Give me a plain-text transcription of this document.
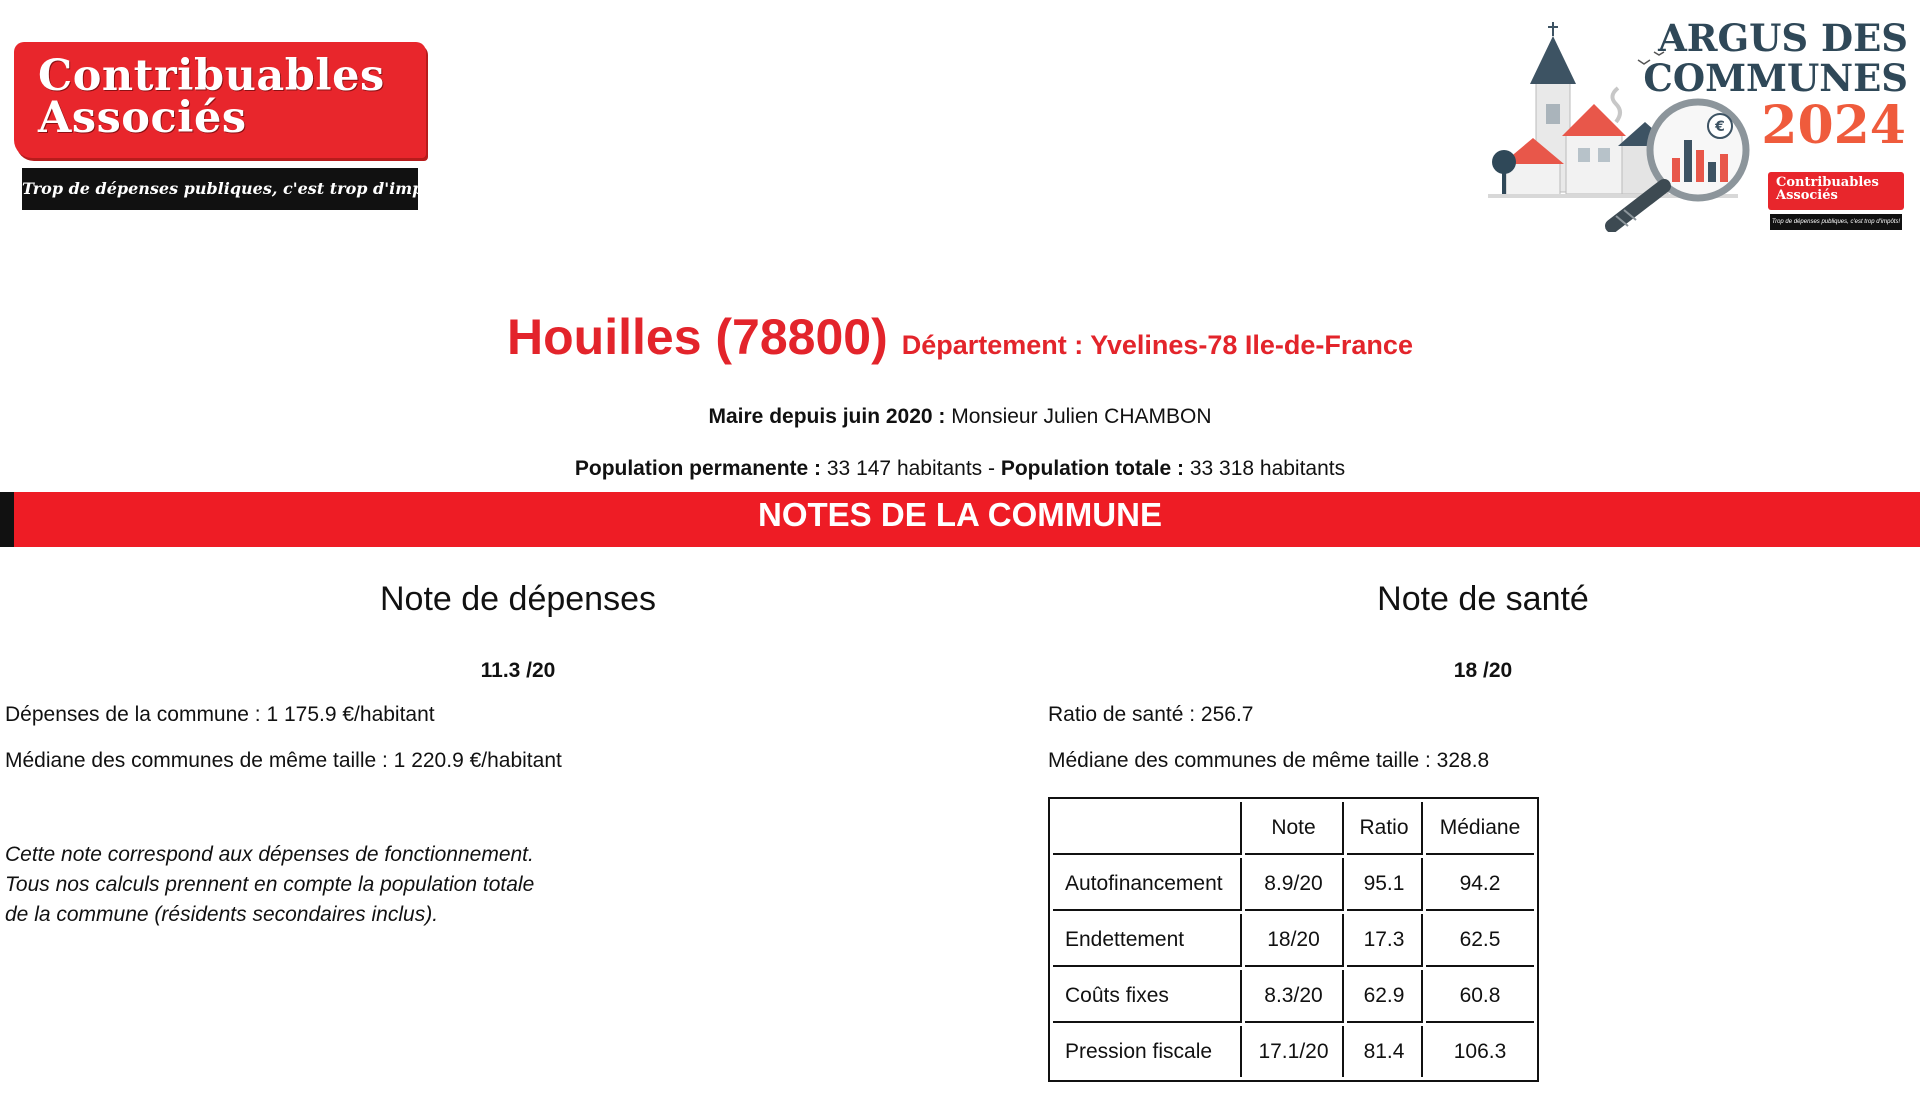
Contribuables
Associés
Trop de dépenses publiques, c'est trop d'impôts!
€
ARGUS DES
COMMUNES
2024
Contribuables
Associés
Trop de dépenses publiques, c'est trop d'impôts!
Houilles (78800) Département : Yvelines-78 Ile-de-France
Maire depuis juin 2020 : Monsieur Julien CHAMBON
Population permanente : 33 147 habitants - Population totale : 33 318 habitants
NOTES DE LA COMMUNE
Note de dépenses
11.3 /20
Dépenses de la commune : 1 175.9 €/habitant
Médiane des communes de même taille : 1 220.9 €/habitant
Cette note correspond aux dépenses de fonctionnement.
Tous nos calculs prennent en compte la population totale
de la commune (résidents secondaires inclus).
Note de santé
18 /20
Ratio de santé : 256.7
Médiane des communes de même taille : 328.8
	Note	Ratio	Médiane
Autofinancement	8.9/20	95.1	94.2
Endettement	18/20	17.3	62.5
Coûts fixes	8.3/20	62.9	60.8
Pression fiscale	17.1/20	81.4	106.3
